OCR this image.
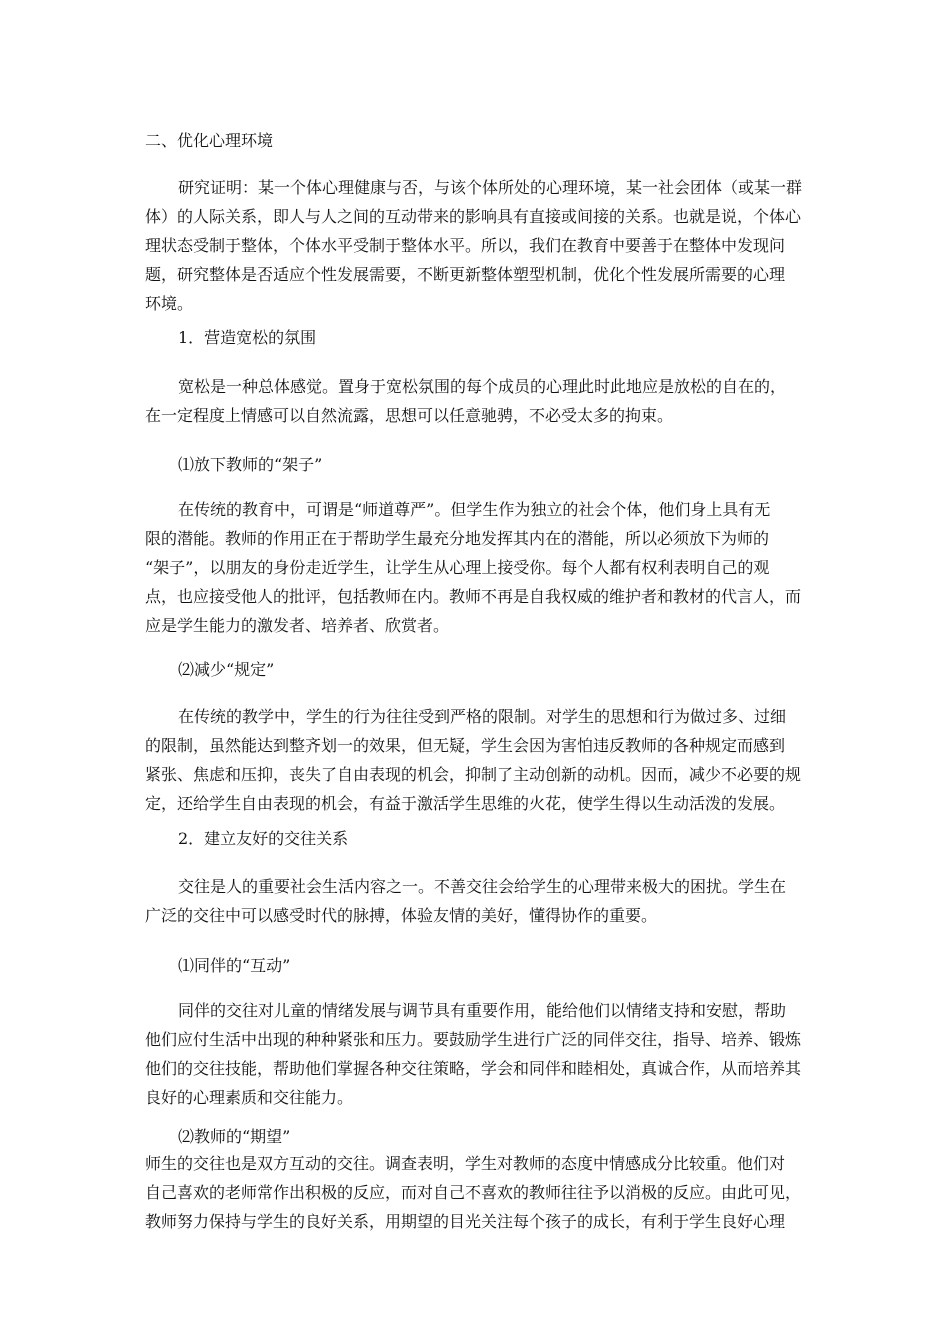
二、优化心理环境
研究证明：某一个体心理健康与否，与该个体所处的心理环境，某一社会团体（或某一群
体）的人际关系，即人与人之间的互动带来的影响具有直接或间接的关系。也就是说，个体心
理状态受制于整体，个体水平受制于整体水平。所以，我们在教育中要善于在整体中发现问
题，研究整体是否适应个性发展需要，不断更新整体塑型机制，优化个性发展所需要的心理
环境。
1．营造宽松的氛围
宽松是一种总体感觉。置身于宽松氛围的每个成员的心理此时此地应是放松的自在的，
在一定程度上情感可以自然流露，思想可以任意驰骋，不必受太多的拘束。
⑴放下教师的“架子”
在传统的教育中，可谓是“师道尊严”。但学生作为独立的社会个体，他们身上具有无
限的潜能。教师的作用正在于帮助学生最充分地发挥其内在的潜能，所以必须放下为师的
“架子”，以朋友的身份走近学生，让学生从心理上接受你。每个人都有权利表明自己的观
点，也应接受他人的批评，包括教师在内。教师不再是自我权威的维护者和教材的代言人，而
应是学生能力的激发者、培养者、欣赏者。
⑵减少“规定”
在传统的教学中，学生的行为往往受到严格的限制。对学生的思想和行为做过多、过细
的限制，虽然能达到整齐划一的效果，但无疑，学生会因为害怕违反教师的各种规定而感到
紧张、焦虑和压抑，丧失了自由表现的机会，抑制了主动创新的动机。因而，减少不必要的规
定，还给学生自由表现的机会，有益于激活学生思维的火花，使学生得以生动活泼的发展。
2．建立友好的交往关系
交往是人的重要社会生活内容之一。不善交往会给学生的心理带来极大的困扰。学生在
广泛的交往中可以感受时代的脉搏，体验友情的美好，懂得协作的重要。
⑴同伴的“互动”
同伴的交往对儿童的情绪发展与调节具有重要作用，能给他们以情绪支持和安慰，帮助
他们应付生活中出现的种种紧张和压力。要鼓励学生进行广泛的同伴交往，指导、培养、锻炼
他们的交往技能，帮助他们掌握各种交往策略，学会和同伴和睦相处，真诚合作，从而培养其
良好的心理素质和交往能力。
⑵教师的“期望”
师生的交往也是双方互动的交往。调查表明，学生对教师的态度中情感成分比较重。他们对
自己喜欢的老师常作出积极的反应，而对自己不喜欢的教师往往予以消极的反应。由此可见，
教师努力保持与学生的良好关系，用期望的目光关注每个孩子的成长，有利于学生良好心理
